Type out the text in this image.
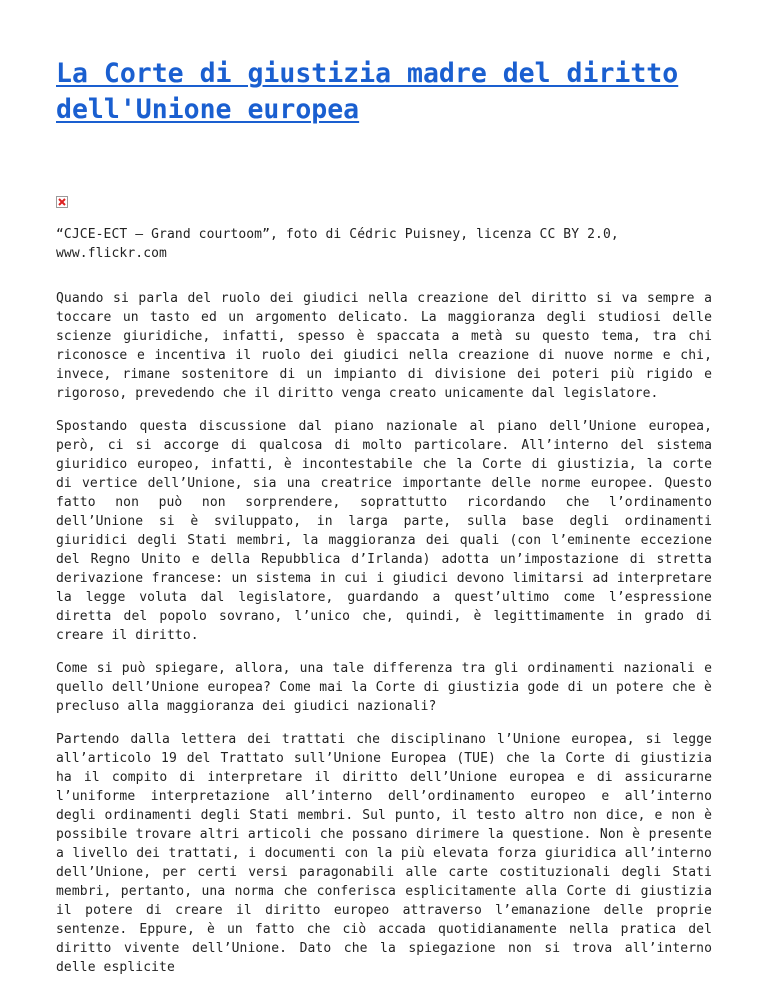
La Corte di giustizia madre del diritto dell'Unione europea
“CJCE-ECT – Grand courtoom”, foto di Cédric Puisney, licenza CC BY 2.0, www.flickr.com

Quando si parla del ruolo dei giudici nella creazione del diritto si va sempre a toccare un tasto ed un argomento delicato. La maggioranza degli studiosi delle scienze giuridiche, infatti, spesso è spaccata a metà su questo tema, tra chi riconosce e incentiva il ruolo dei giudici nella creazione di nuove norme e chi, invece, rimane sostenitore di un impianto di divisione dei poteri più rigido e rigoroso, prevedendo che il diritto venga creato unicamente dal legislatore.

Spostando questa discussione dal piano nazionale al piano dell’Unione europea, però, ci si accorge di qualcosa di molto particolare. All’interno del sistema giuridico europeo, infatti, è incontestabile che la Corte di giustizia, la corte di vertice dell’Unione, sia una creatrice importante delle norme europee. Questo fatto non può non sorprendere, soprattutto ricordando che l’ordinamento dell’Unione si è sviluppato, in larga parte, sulla base degli ordinamenti giuridici degli Stati membri, la maggioranza dei quali (con l’eminente eccezione del Regno Unito e della Repubblica d’Irlanda) adotta un’impostazione di stretta derivazione francese: un sistema in cui i giudici devono limitarsi ad interpretare la legge voluta dal legislatore, guardando a quest’ultimo come l’espressione diretta del popolo sovrano, l’unico che, quindi, è legittimamente in grado di creare il diritto.

Come si può spiegare, allora, una tale differenza tra gli ordinamenti nazionali e quello dell’Unione europea? Come mai la Corte di giustizia gode di un potere che è precluso alla maggioranza dei giudici nazionali?

Partendo dalla lettera dei trattati che disciplinano l’Unione europea, si legge all’articolo 19 del Trattato sull’Unione Europea (TUE) che la Corte di giustizia ha il compito di interpretare il diritto dell’Unione europea e di assicurarne l’uniforme interpretazione all’interno dell’ordinamento europeo e all’interno degli ordinamenti degli Stati membri. Sul punto, il testo altro non dice, e non è possibile trovare altri articoli che possano dirimere la questione. Non è presente a livello dei trattati, i documenti con la più elevata forza giuridica all’interno dell’Unione, per certi versi paragonabili alle carte costituzionali degli Stati membri, pertanto, una norma che conferisca esplicitamente alla Corte di giustizia il potere di creare il diritto europeo attraverso l’emanazione delle proprie sentenze. Eppure, è un fatto che ciò accada quotidianamente nella pratica del diritto vivente dell’Unione. Dato che la spiegazione non si trova all’interno delle esplicite
